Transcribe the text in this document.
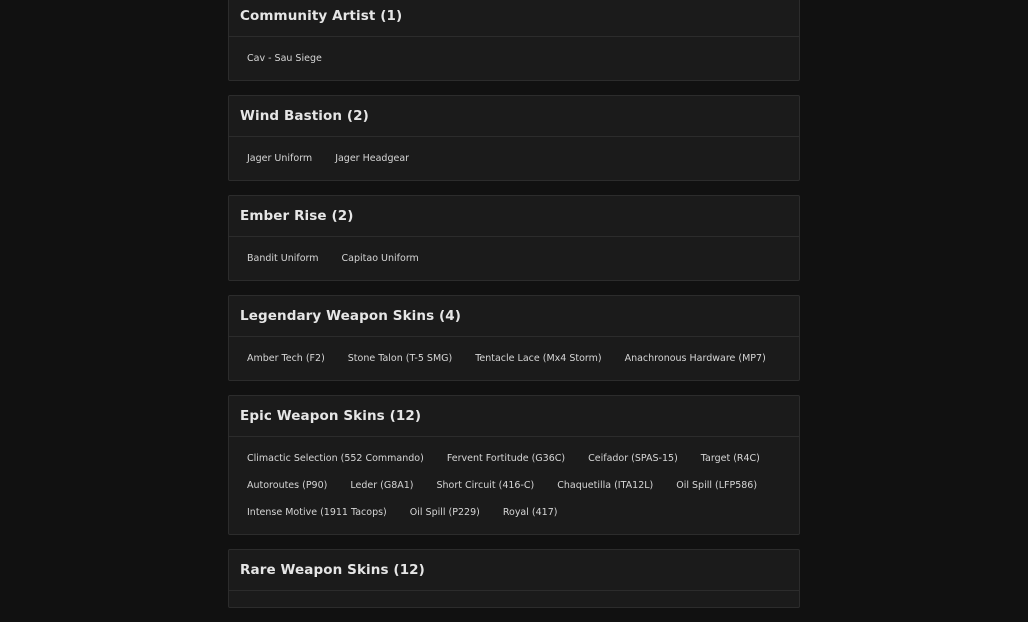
Community Artist (1)
Cav - Sau Siege
Wind Bastion (2)
Jager Uniform	Jager Headgear
Ember Rise (2)
Bandit Uniform	Capitao Uniform
Legendary Weapon Skins (4)
Amber Tech (F2)	Stone Talon (T-5 SMG)	Tentacle Lace (Mx4 Storm)	Anachronous Hardware (MP7)
Epic Weapon Skins (12)
Climactic Selection (552 Commando)	Fervent Fortitude (G36C)	Ceifador (SPAS-15)	Target (R4C)
Autoroutes (P90)	Leder (G8A1)	Short Circuit (416-C)	Chaquetilla (ITA12L)	Oil Spill (LFP586)
Intense Motive (1911 Tacops)	Oil Spill (P229)	Royal (417)
Rare Weapon Skins (12)
